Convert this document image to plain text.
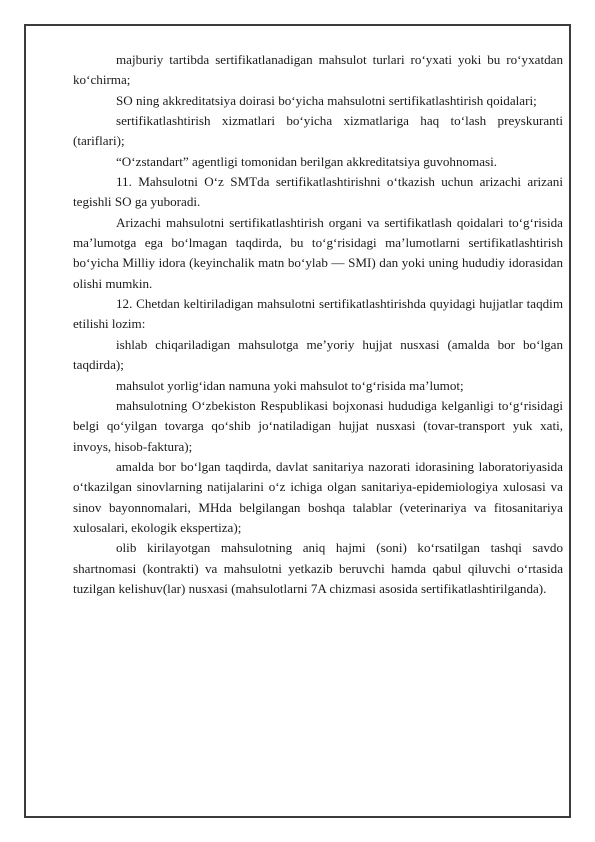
majburiy tartibda sertifikatlanadigan mahsulot turlari ro‘yxati yoki bu ro‘yxatdan ko‘chirma;

SO ning akkreditatsiya doirasi bo‘yicha mahsulotni sertifikatlashtirish qoidalari;

sertifikatlashtirish xizmatlari bo‘yicha xizmatlariga haq to‘lash preyskuranti (tariflari);

“O‘zstandart” agentligi tomonidan berilgan akkreditatsiya guvohnomasi.

11. Mahsulotni O‘z SMTda sertifikatlashtirishni o‘tkazish uchun arizachi arizani tegishli SO ga yuboradi.

Arizachi mahsulotni sertifikatlashtirish organi va sertifikatlash qoidalari to‘g‘risida ma’lumotga ega bo‘lmagan taqdirda, bu to‘g‘risidagi ma’lumotlarni sertifikatlashtirish bo‘yicha Milliy idora (keyinchalik matn bo‘ylab — SMI) dan yoki uning hududiy idorasidan olishi mumkin.

12. Chetdan keltiriladigan mahsulotni sertifikatlashtirishda quyidagi hujjatlar taqdim etilishi lozim:

ishlab chiqariladigan mahsulotga me’yoriy hujjat nusxasi (amalda bor bo‘lgan taqdirda);

mahsulot yorlig‘idan namuna yoki mahsulot to‘g‘risida ma’lumot;

mahsulotning O‘zbekiston Respublikasi bojxonasi hududiga kelganligi to‘g‘risidagi belgi qo‘yilgan tovarga qo‘shib jo‘natiladigan hujjat nusxasi (tovar-transport yuk xati, invoys, hisob-faktura);

amalda bor bo‘lgan taqdirda, davlat sanitariya nazorati idorasining laboratoriyasida o‘tkazilgan sinovlarning natijalarini o‘z ichiga olgan sanitariya-epidemiologiya xulosasi va sinov bayonnomalari, MHda belgilangan boshqa talablar (veterinariya va fitosanitariya xulosalari, ekologik ekspertiza);

olib kirilayotgan mahsulotning aniq hajmi (soni) ko‘rsatilgan tashqi savdo shartnomasi (kontrakti) va mahsulotni yetkazib beruvchi hamda qabul qiluvchi o‘rtasida tuzilgan kelishuv(lar) nusxasi (mahsulotlarni 7A chizmasi asosida sertifikatlashtirilganda).
